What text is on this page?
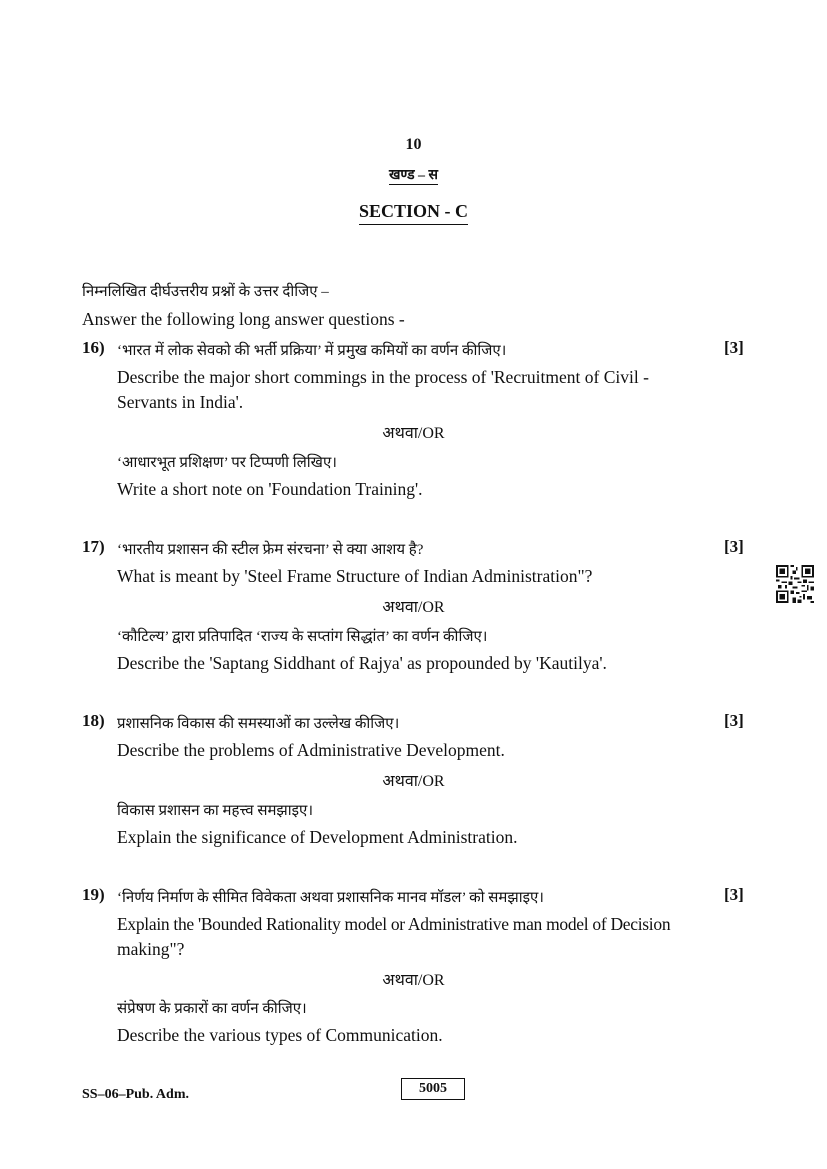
10
खण्ड – स
SECTION - C
निम्नलिखित दीर्घउत्तरीय प्रश्नों के उत्तर दीजिए –
Answer the following long answer questions -
16) ‘भारत में लोक सेवको की भर्ती प्रक्रिया’ में प्रमुख कमियों का वर्णन कीजिए।	[3]
Describe the major short commings in the process of 'Recruitment of Civil -
Servants in India'.
अथवा/OR
‘आधारभूत प्रशिक्षण’ पर टिप्पणी लिखिए।
Write a short note on 'Foundation Training'.
17) ‘भारतीय प्रशासन की स्टील फ्रेम संरचना’ से क्या आशय है?	[3]
What is meant by 'Steel Frame Structure of Indian Administration"?
अथवा/OR
‘कौटिल्य’ द्वारा प्रतिपादित ‘राज्य के सप्तांग सिद्धांत’ का वर्णन कीजिए।
Describe the 'Saptang Siddhant of Rajya' as propounded by 'Kautilya'.
18) प्रशासनिक विकास की समस्याओं का उल्लेख कीजिए।	[3]
Describe the problems of Administrative Development.
अथवा/OR
विकास प्रशासन का महत्त्व समझाइए।
Explain the significance of Development Administration.
19) ‘निर्णय निर्माण के सीमित विवेकता अथवा प्रशासनिक मानव मॉडल’ को समझाइए।	[3]
Explain the 'Bounded Rationality model or Administrative man model of Decision
making"?
अथवा/OR
संप्रेषण के प्रकारों का वर्णन कीजिए।
Describe the various types of Communication.
SS–06–Pub. Adm.	5005
